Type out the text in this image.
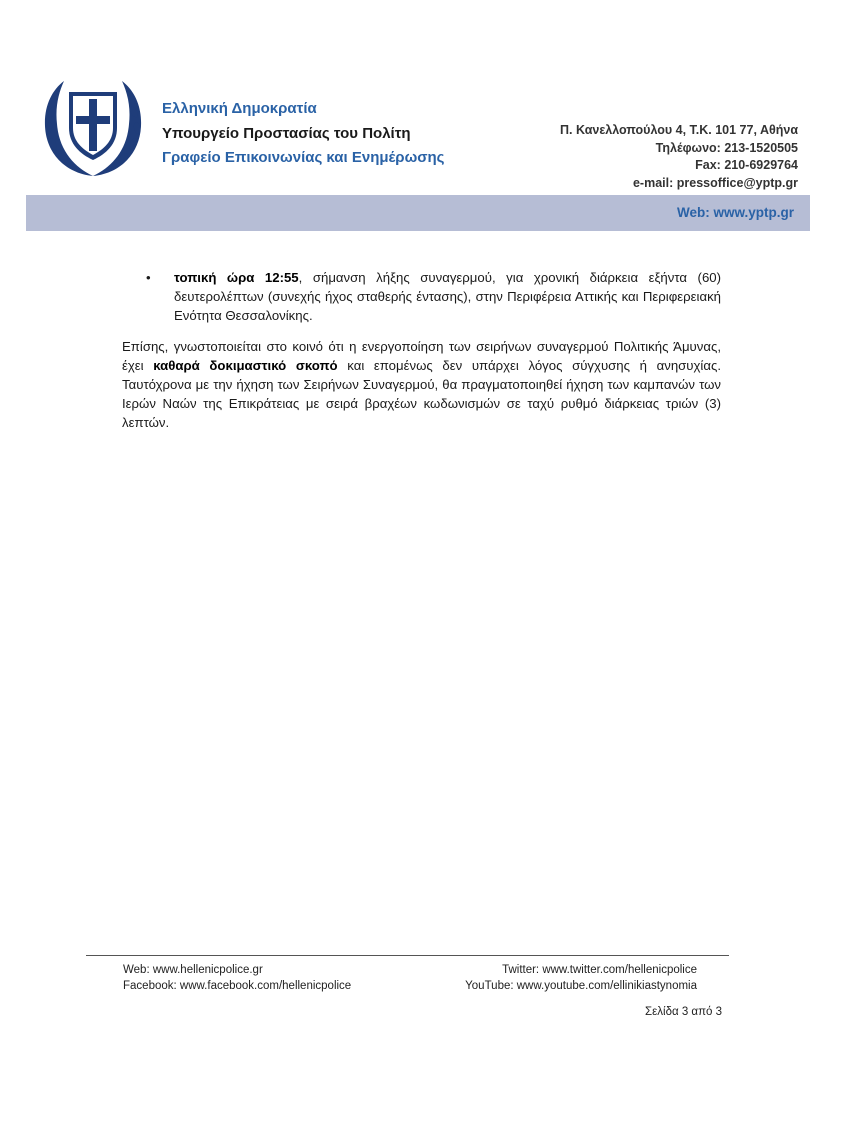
Ελληνική Δημοκρατία
Υπουργείο Προστασίας του Πολίτη
Γραφείο Επικοινωνίας και Ενημέρωσης
Π. Κανελλοπούλου 4, Τ.Κ. 101 77, Αθήνα
Τηλέφωνο: 213-1520505
Fax: 210-6929764
e-mail: pressoffice@yptp.gr
Web: www.yptp.gr
• τοπική ώρα 12:55, σήμανση λήξης συναγερμού, για χρονική διάρκεια εξήντα (60) δευτερολέπτων (συνεχής ήχος σταθερής έντασης), στην Περιφέρεια Αττικής και Περιφερειακή Ενότητα Θεσσαλονίκης.
Επίσης, γνωστοποιείται στο κοινό ότι η ενεργοποίηση των σειρήνων συναγερμού Πολιτικής Άμυνας, έχει καθαρά δοκιμαστικό σκοπό και επομένως δεν υπάρχει λόγος σύγχυσης ή ανησυχίας. Ταυτόχρονα με την ήχηση των Σειρήνων Συναγερμού, θα πραγματοποιηθεί ήχηση των καμπανών των Ιερών Ναών της Επικράτειας με σειρά βραχέων κωδωνισμών σε ταχύ ρυθμό διάρκειας τριών (3) λεπτών.
Web: www.hellenicpolice.gr
Facebook: www.facebook.com/hellenicpolice
Twitter: www.twitter.com/hellenicpolice
YouTube: www.youtube.com/ellinikiastynomia
Σελίδα 3 από 3
